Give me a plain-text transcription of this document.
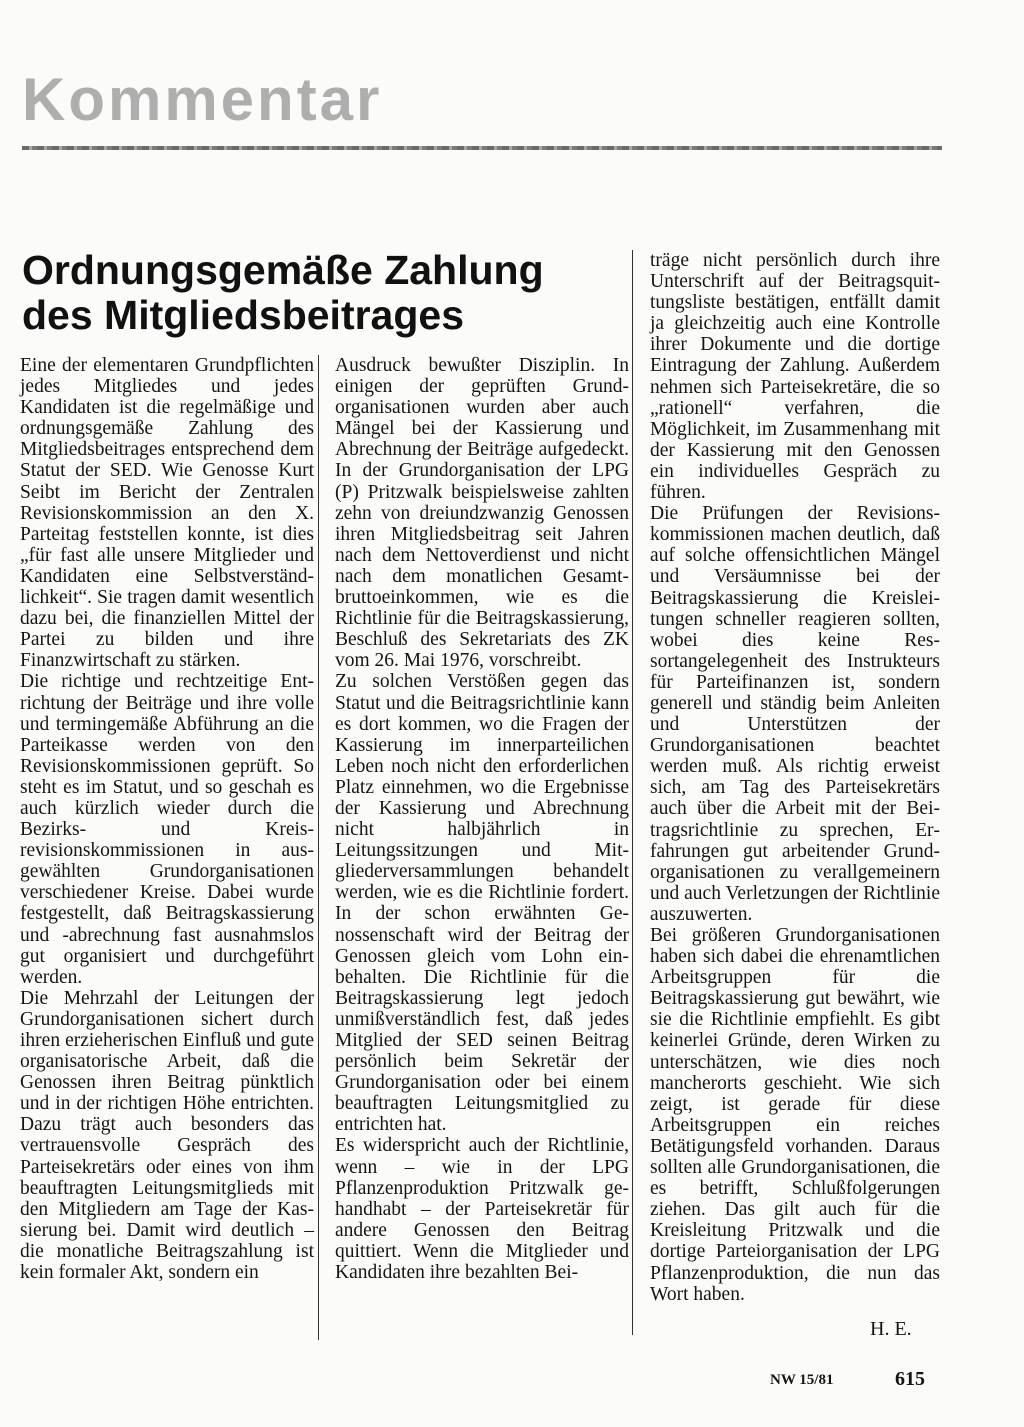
Kommentar
Ordnungsgemäße Zahlung des Mitgliedsbeitrages

Eine der elementaren Grundpflichten jedes Mitgliedes und jedes Kandidaten ist die regelmäßige und ordnungsgemäße Zahlung des Mitgliedsbeitrages entsprechend dem Statut der SED. Wie Genosse Kurt Seibt im Bericht der Zentralen Revisionskommission an den X. Parteitag feststellen konnte, ist dies „für fast alle unsere Mitglieder und Kandidaten eine Selbstverständlichkeit“. Sie tragen damit wesentlich dazu bei, die finanziellen Mittel der Partei zu bilden und ihre Finanzwirtschaft zu stärken.

Die richtige und rechtzeitige Entrichtung der Beiträge und ihre volle und termingemäße Abführung an die Parteikasse werden von den Revisionskommissionen geprüft. So steht es im Statut, und so geschah es auch kürzlich wieder durch die Bezirks- und Kreisrevisionskommissionen in ausgewählten Grundorganisationen verschiedener Kreise. Dabei wurde festgestellt, daß Beitragskassierung und -abrechnung fast ausnahmslos gut organisiert und durchgeführt werden.

Die Mehrzahl der Leitungen der Grundorganisationen sichert durch ihren erzieherischen Einfluß und gute organisatorische Arbeit, daß die Genossen ihren Beitrag pünktlich und in der richtigen Höhe entrichten. Dazu trägt auch besonders das vertrauensvolle Gespräch des Parteisekretärs oder eines von ihm beauftragten Leitungsmitglieds mit den Mitgliedern am Tage der Kassierung bei. Damit wird deutlich – die monatliche Beitragszahlung ist kein formaler Akt, sondern ein

Ausdruck bewußter Disziplin. In einigen der geprüften Grundorganisationen wurden aber auch Mängel bei der Kassierung und Abrechnung der Beiträge aufgedeckt. In der Grundorganisation der LPG (P) Pritzwalk beispielsweise zahlten zehn von dreiundzwanzig Genossen ihren Mitgliedsbeitrag seit Jahren nach dem Nettoverdienst und nicht nach dem monatlichen Gesamtbruttoeinkommen, wie es die Richtlinie für die Beitragskassierung, Beschluß des Sekretariats des ZK vom 26. Mai 1976, vorschreibt.

Zu solchen Verstößen gegen das Statut und die Beitragsrichtlinie kann es dort kommen, wo die Fragen der Kassierung im innerparteilichen Leben noch nicht den erforderlichen Platz einnehmen, wo die Ergebnisse der Kassierung und Abrechnung nicht halbjährlich in Leitungssitzungen und Mitgliederversammlungen behandelt werden, wie es die Richtlinie fordert. In der schon erwähnten Genossenschaft wird der Beitrag der Genossen gleich vom Lohn einbehalten. Die Richtlinie für die Beitragskassierung legt jedoch unmißverständlich fest, daß jedes Mitglied der SED seinen Beitrag persönlich beim Sekretär der Grundorganisation oder bei einem beauftragten Leitungsmitglied zu entrichten hat.

Es widerspricht auch der Richtlinie, wenn – wie in der LPG Pflanzenproduktion Pritzwalk gehandhabt – der Parteisekretär für andere Genossen den Beitrag quittiert. Wenn die Mitglieder und Kandidaten ihre bezahlten Bei-

träge nicht persönlich durch ihre Unterschrift auf der Beitragsquittungsliste bestätigen, entfällt damit ja gleichzeitig auch eine Kontrolle ihrer Dokumente und die dortige Eintragung der Zahlung. Außerdem nehmen sich Parteisekretäre, die so „rationell“ verfahren, die Möglichkeit, im Zusammenhang mit der Kassierung mit den Genossen ein individuelles Gespräch zu führen.

Die Prüfungen der Revisionskommissionen machen deutlich, daß auf solche offensichtlichen Mängel und Versäumnisse bei der Beitragskassierung die Kreisleitungen schneller reagieren sollten, wobei dies keine Ressortangelegenheit des Instrukteurs für Parteifinanzen ist, sondern generell und ständig beim Anleiten und Unterstützen der Grundorganisationen beachtet werden muß. Als richtig erweist sich, am Tag des Parteisekretärs auch über die Arbeit mit der Beitragsrichtlinie zu sprechen, Erfahrungen gut arbeitender Grundorganisationen zu verallgemeinern und auch Verletzungen der Richtlinie auszuwerten.

Bei größeren Grundorganisationen haben sich dabei die ehrenamtlichen Arbeitsgruppen für die Beitragskassierung gut bewährt, wie sie die Richtlinie empfiehlt. Es gibt keinerlei Gründe, deren Wirken zu unterschätzen, wie dies noch mancherorts geschieht. Wie sich zeigt, ist gerade für diese Arbeitsgruppen ein reiches Betätigungsfeld vorhanden. Daraus sollten alle Grundorganisationen, die es betrifft, Schlußfolgerungen ziehen. Das gilt auch für die Kreisleitung Pritzwalk und die dortige Parteiorganisation der LPG Pflanzenproduktion, die nun das Wort haben.

H. E.
NW 15/81	615
